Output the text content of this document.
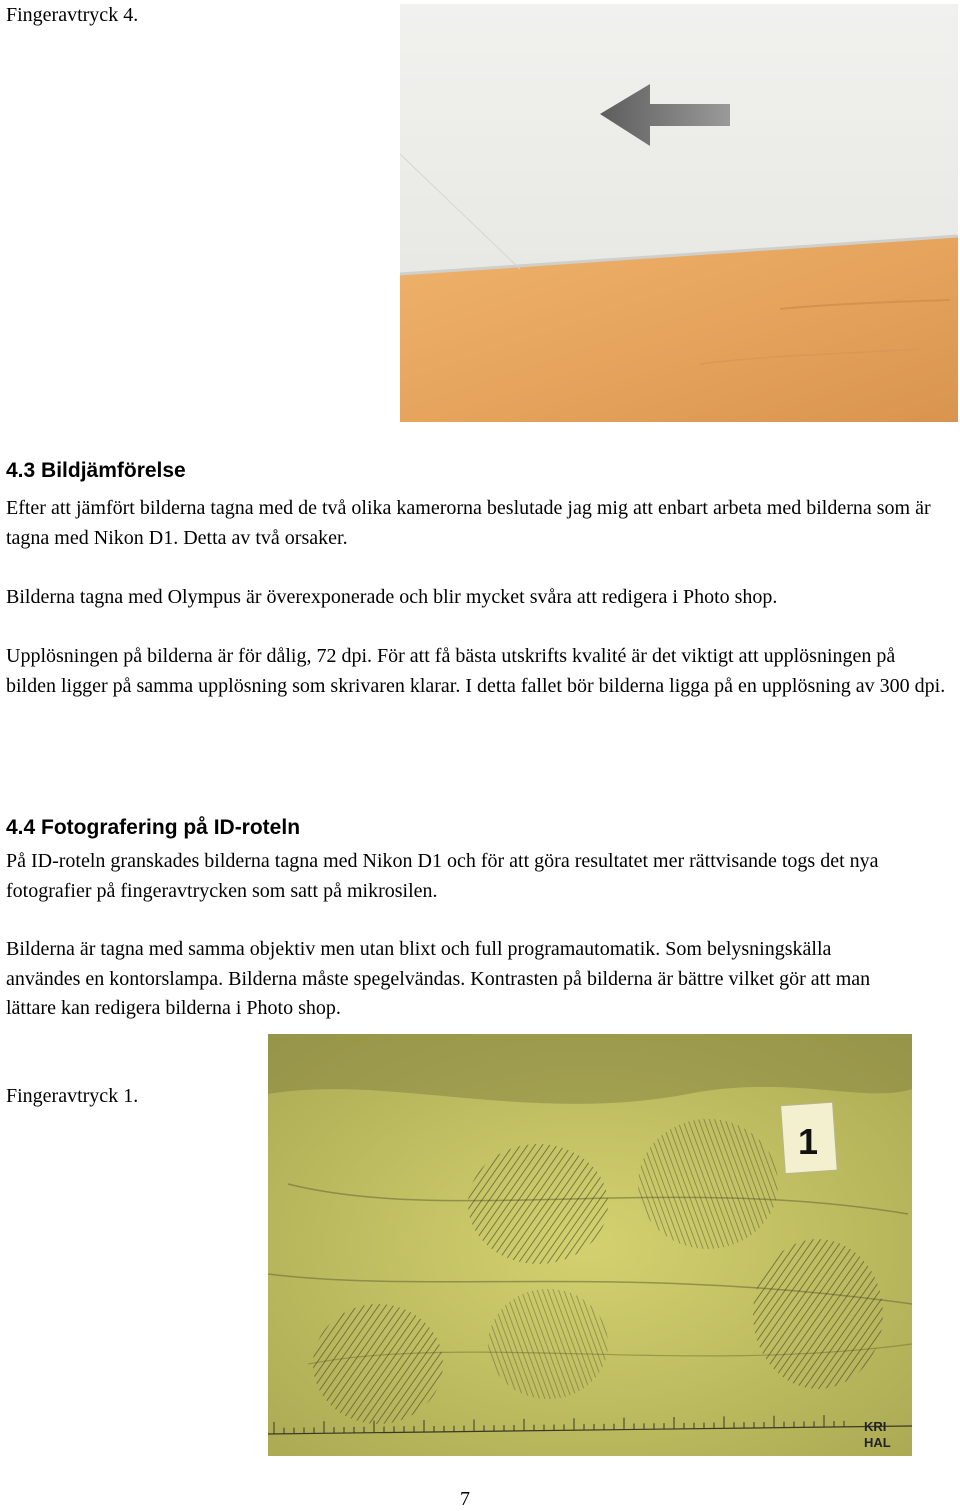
Fingeravtryck 4.
4.3 Bildjämförelse

Efter att jämfört bilderna tagna med de två olika kamerorna beslutade jag mig att enbart arbeta med bilderna som är tagna med Nikon D1. Detta av två orsaker.

Bilderna tagna med Olympus är överexponerade och blir mycket svåra att redigera i Photo shop.

Upplösningen på bilderna är för dålig, 72 dpi. För att få bästa utskrifts kvalité är det viktigt att upplösningen på bilden ligger på samma upplösning som skrivaren klarar. I detta fallet bör bilderna ligga på en upplösning av 300 dpi.

4.4 Fotografering på ID-roteln

På ID-roteln granskades bilderna tagna med Nikon D1 och för att göra resultatet mer rättvisande togs det nya fotografier på fingeravtrycken som satt på mikrosilen.

Bilderna är tagna med samma objektiv men utan blixt och full programautomatik. Som belysningskälla användes en kontorslampa. Bilderna måste spegelvändas. Kontrasten på bilderna är bättre vilket gör att man lättare kan redigera bilderna i Photo shop.

Fingeravtryck 1.
1
KRI
HAL
7
